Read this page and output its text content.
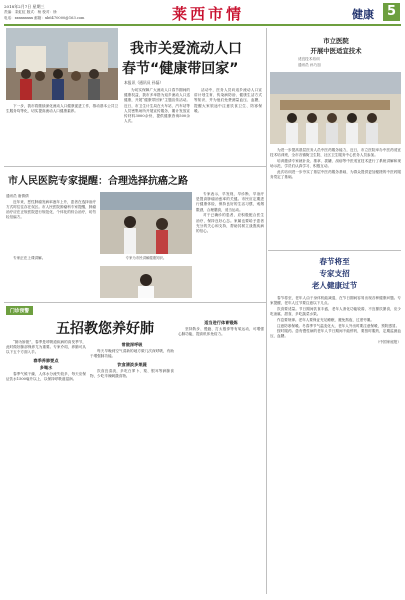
2018年2月7日 星期三
责编：栾虹虹 版式：杨 校对：徐
电话：xxxxxxxxx 邮箱：xb6470000@163.com	莱西市情	健康 5
我市关爱流动人口
春节“健康带回家”
本报讯（通讯员 孙磊）

为切实保障广大流动人口春节期间的健康权益，我市多举措为返乡流动人口送健康，开展“健康带回家”主题宣传活动。近日，市卫生计生局在火车站、汽车站等人员密集场所开展宣传服务，累计发放宣传材料3000余份，提供健康咨询500余人次。

活动中，医务人员向返乡流动人口宣讲计划生育、传染病防治、健康生活方式等知识，并为他们免费测量血压、血糖，提醒大家旅途中注意饮食卫生、防寒保暖。

下一步，我市将继续深化流动人口健康促进工作，推动基本公共卫生服务均等化，切实提高流动人口健康素养。

市立医院
开展中医适宜技术
适宜技术培训
通讯员 孙乃加

为进一步提高基层医务人员中医药服务能力，近日，市立医院举办中医药适宜技术培训班，全市各镇街卫生院、社区卫生服务中心医务人员参加。

培训邀请专家就针灸、推拿、拔罐、刮痧等中医适宜技术进行了系统讲解和现场示范，学员们认真学习、积极互动。

此次培训进一步夯实了基层中医药服务基础，为群众提供更加便捷的中医药服务奠定了基础。

市人民医院专家提醒：合理选择抗癌之路

通讯员 唐倩倩

近年来，恶性肿瘤发病率逐年上升，患者在选择治疗方式时往往存在误区。市人民医院肿瘤科专家提醒，肿瘤治疗应在正规医院进行规范化、个体化的综合治疗，切勿轻信偏方。

专家为市民讲解健康知识。

专家表示，早发现、早诊断、早治疗是提高肿瘤治愈率的关键。市民应定期进行健康体检，保持良好的生活习惯，戒烟限酒，合理膳食，适当运动。

对于已确诊的患者，应积极配合医生治疗，保持良好心态。家属也要给予患者充分的关心和支持，帮助其树立战胜疾病的信心。

专家正在上课讲解。

门诊预警
五招教您养好肺

“肺为娇脏”，春季是呼吸道疾病的高发季节，此时做好肺部保养尤为重要。专家介绍，养肺可从以下五个方面入手。

春季养肺要点
多喝水

春季气候干燥，人体水分流失较多，每天应保证饮水1500毫升以上，以保持呼吸道湿润。

常做深呼吸

每天早晚到空气清新的地方做几次深呼吸，有助于增强肺功能。

饮食清淡多果蔬

饮食宜清淡，多吃白萝卜、梨、银耳等润肺食物，少吃辛辣刺激食物。

适当进行体育锻炼

坚持散步、慢跑、打太极拳等有氧运动，可增强心肺功能，提高机体免疫力。

春节将至
专家支招
老人健康过节

春节将至，老年人由于身体机能减退，在节日期间容易出现各种健康问题。专家提醒，老年人过节要注意以下几点。

饮食要适量。节日期间饮食丰盛，老年人消化功能较弱，不宜暴饮暴食，应少吃油腻、甜食，多吃蔬菜水果。

作息要规律。老年人要保证充足睡眠，避免熬夜、过度劳累。

注意防寒保暖。冬春季节气温变化大，老年人外出时要注意保暖，预防感冒。

按时服药。患有慢性病的老年人节日期间不能停药，要按时服药，定期监测血压、血糖。

（中国家庭报）
